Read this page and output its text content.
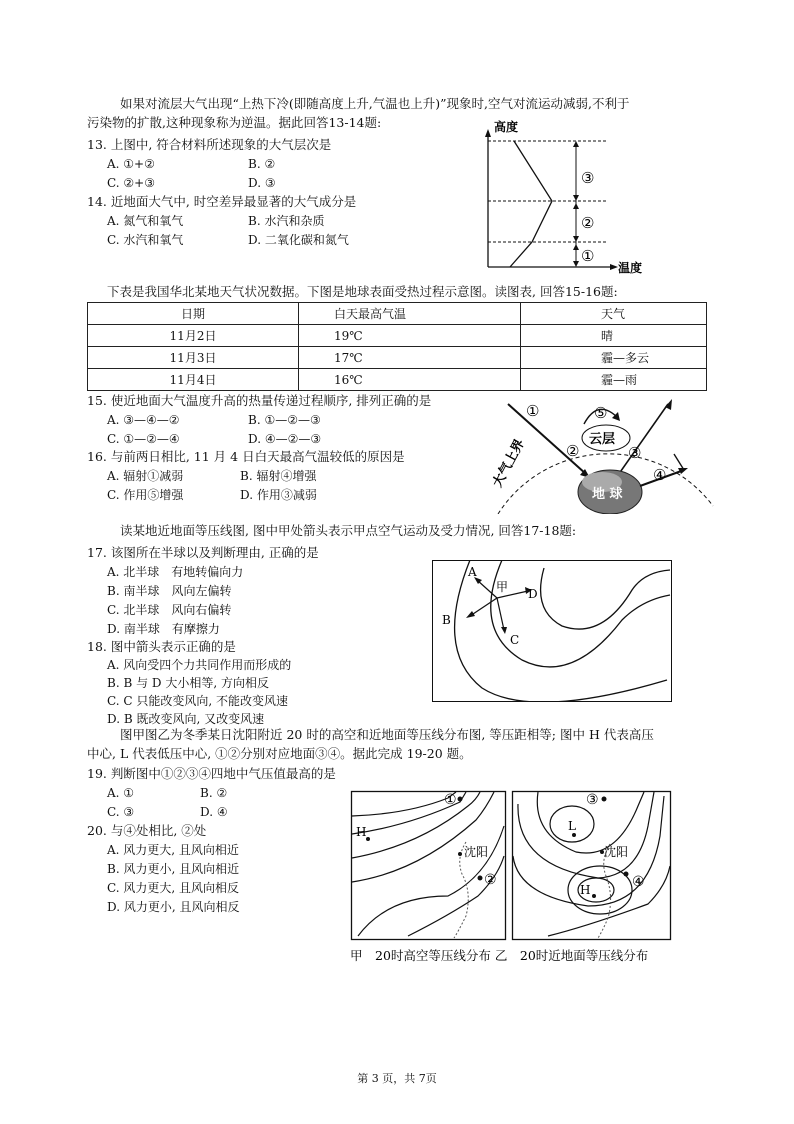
如果对流层大气出现“上热下冷(即随高度上升,气温也上升)”现象时,空气对流运动减弱,不利于
污染物的扩散,这种现象称为逆温。据此回答13-14题:
13. 上图中, 符合材料所述现象的大气层次是
A. ①+②	B. ②
C. ②+③	D. ③
14. 近地面大气中, 时空差异最显著的大气成分是
A. 氮气和氧气	B. 水汽和杂质
C. 水汽和氧气	D. 二氧化碳和氮气
高度
温度
③
②
①
下表是我国华北某地天气状况数据。下图是地球表面受热过程示意图。读图表, 回答15-16题:
日期	白天最高气温	天气
11月2日	19℃	晴
11月3日	17℃	霾—多云
11月4日	16℃	霾—雨
15. 使近地面大气温度升高的热量传递过程顺序, 排列正确的是
A. ③—④—②	B. ①—②—③
C. ①—②—④	D. ④—②—③
16. 与前两日相比, 11 月 4 日白天最高气温较低的原因是
A. 辐射①减弱	B. 辐射④增强
C. 作用⑤增强	D. 作用③减弱
大气上界
①
②
云层
⑤
③
地 球
④
读某地近地面等压线图, 图中甲处箭头表示甲点空气运动及受力情况, 回答17-18题:
17. 该图所在半球以及判断理由, 正确的是
A. 北半球　有地转偏向力
B. 南半球　风向左偏转
C. 北半球　风向右偏转
D. 南半球　有摩擦力
A
甲 D
B
C
18. 图中箭头表示正确的是
A. 风向受四个力共同作用而形成的
B. B 与 D 大小相等, 方向相反
C. C 只能改变风向, 不能改变风速
D. B 既改变风向, 又改变风速
图甲图乙为冬季某日沈阳附近 20 时的高空和近地面等压线分布图, 等压距相等; 图中 H 代表高压
中心, L 代表低压中心, ①②分别对应地面③④。据此完成 19-20 题。
19. 判断图中①②③④四地中气压值最高的是
A. ①	B. ②
C. ③	D. ④
20. 与④处相比, ②处
A. 风力更大, 且风向相近
B. 风力更小, 且风向相近
C. 风力更大, 且风向相反
D. 风力更小, 且风向相反
H
①
沈阳
②
L
③
沈阳
H	④
甲　20时高空等压线分布 乙　20时近地面等压线分布
第 3 页，共 7页
